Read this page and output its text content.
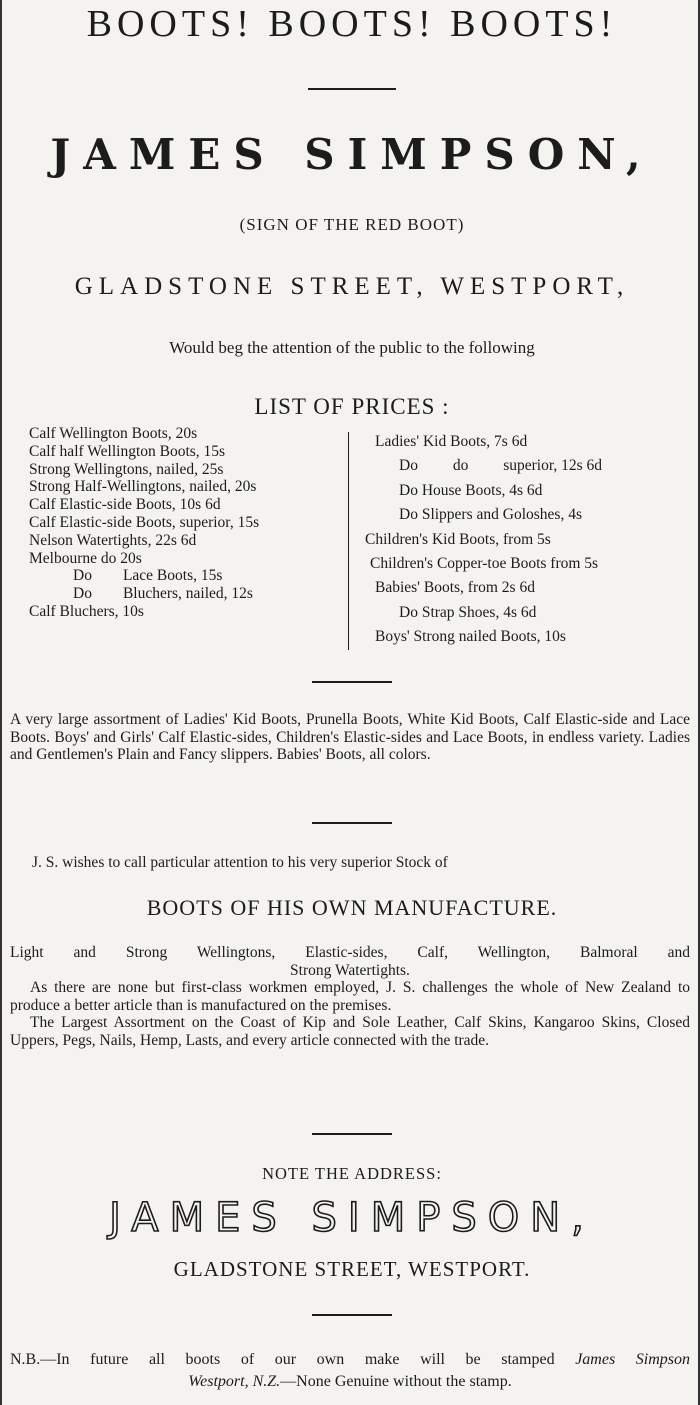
BOOTS! BOOTS! BOOTS!
JAMES SIMPSON,
(SIGN OF THE RED BOOT)
GLADSTONE STREET, WESTPORT,
Would beg the attention of the public to the following
LIST OF PRICES :
Calf Wellington Boots, 20s
Calf half Wellington Boots, 15s
Strong Wellingtons, nailed, 25s
Strong Half-Wellingtons, nailed, 20s
Calf Elastic-side Boots, 10s 6d
Calf Elastic-side Boots, superior, 15s
Nelson Watertights, 22s 6d
Melbourne do 20s
Do        Lace Boots, 15s
Do        Bluchers, nailed, 12s
Calf Bluchers, 10s
Ladies' Kid Boots, 7s 6d
Do         do         superior, 12s 6d
Do House Boots, 4s 6d
Do Slippers and Goloshes, 4s
Children's Kid Boots, from 5s
Children's Copper-toe Boots from 5s
Babies' Boots, from 2s 6d
Do Strap Shoes, 4s 6d
Boys' Strong nailed Boots, 10s
A very large assortment of Ladies' Kid Boots, Prunella Boots, White Kid Boots, Calf Elastic-side and Lace Boots. Boys' and Girls' Calf Elastic-sides, Children's Elastic-sides and Lace Boots, in endless variety. Ladies and Gentlemen's Plain and Fancy slippers. Babies' Boots, all colors.
J. S. wishes to call particular attention to his very superior Stock of
BOOTS OF HIS OWN MANUFACTURE.
Light and Strong Wellingtons, Elastic-sides, Calf, Wellington, Balmoral and
Strong Watertights.
As there are none but first-class workmen employed, J. S. challenges the whole of New Zealand to produce a better article than is manufactured on the premises.
The Largest Assortment on the Coast of Kip and Sole Leather, Calf Skins, Kangaroo Skins, Closed Uppers, Pegs, Nails, Hemp, Lasts, and every article connected with the trade.
NOTE THE ADDRESS:
JAMES SIMPSON,
GLADSTONE STREET, WESTPORT.
N.B.—In future all boots of our own make will be stamped James Simpson
Westport, N.Z.—None Genuine without the stamp.
